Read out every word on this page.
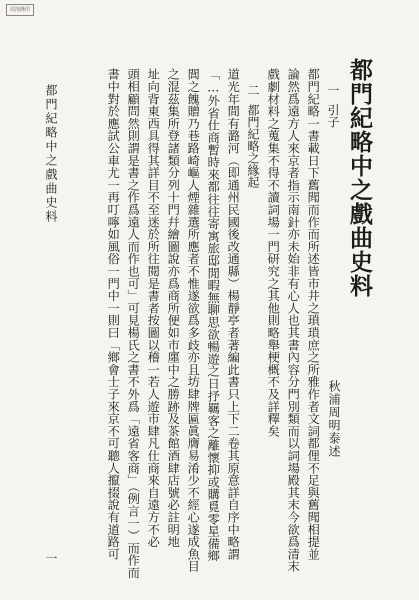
周洛隆印
都門紀略中之戲曲史料
秋浦周明泰述
一引子
都門紀略一書載日下舊聞而作而所述皆市井之瑣瑣庶之所雅作者文詞都俚不足與舊聞相提並
論然爲遠方人來京者指示南針亦未始非有心人也其書內容分門別類而以詞場殿其末今欲爲清末
戲劇材料之蒐集不得不讀詞場一門研究之其他則略舉梗概不及詳釋矣
二都門紀略之緣起
道光年間有潞河（即通州民國後改通縣）楊靜亭者著編此書只上下二卷其原意詳自序中略謂
「…外省仕商暫時來都往往寄寓旅邸閒暇無聊思欲暢遊之日抒羈客之離懷抑或購覓零星備鄉
閭之餽贈乃巷路崎嶇人煙雜選所應者不惟遂欲爲多歧亦且坊肆牌匾眞膺易淆少不經心遂成魚目
之混茲集所登諸類分列十門幷繪圖說亦爲商所便如市廛中之勝跡及茶館酒肆店號必註明地
址向背東西具得其詳目不至迷於所往閱是書者按圖以稽一若人遊市肆凡仕商來自遠方不必
頭相顧問然則謂是書之作爲遠人而作也可」可見楊氏之書不外爲「遠省客商」（例言一）而作而
書中對於應試公車尤一再叮嚀如風俗一門中一則曰「鄉會士子來京不可聽人攛掇說有道路可
都門紀略中之戲曲史料
一
